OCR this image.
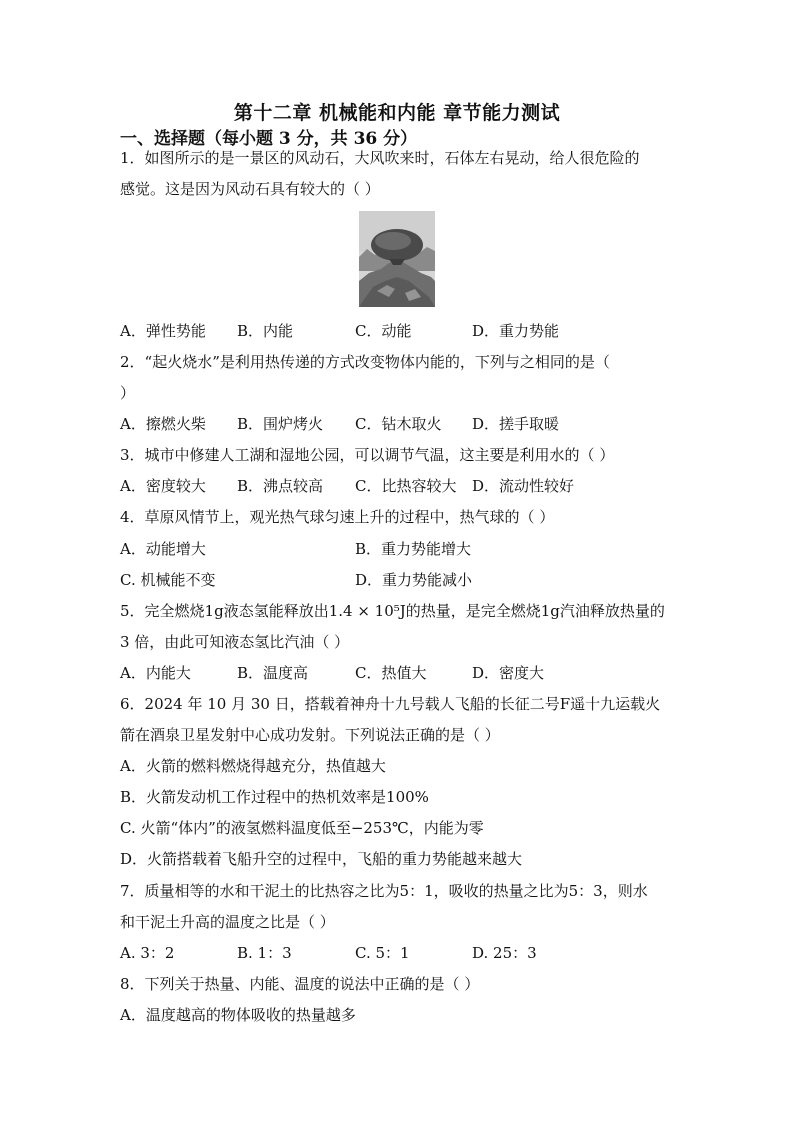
第十二章 机械能和内能 章节能力测试
一、选择题（每小题 3 分，共 36 分）
1．如图所示的是一景区的风动石，大风吹来时，石体左右晃动，给人很危险的
感觉。这是因为风动石具有较大的（ ）
A．弹性势能 B．内能	C．动能	D．重力势能
2．“起火烧水”是利用热传递的方式改变物体内能的，下列与之相同的是（
）
A．擦燃火柴 B．围炉烤火 C．钻木取火 D．搓手取暖
3．城市中修建人工湖和湿地公园，可以调节气温，这主要是利用水的（ ）
A．密度较大 B．沸点较高 C．比热容较大 D．流动性较好
4．草原风情节上，观光热气球匀速上升的过程中，热气球的（ ）
A．动能增大	B．重力势能增大
C. 机械能不变	D．重力势能减小
5．完全燃烧1g液态氢能释放出1.4 × 10⁵J的热量，是完全燃烧1g汽油释放热量的
3 倍，由此可知液态氢比汽油（ ）
A．内能大	B．温度高	C．热值大	D．密度大
6．2024 年 10 月 30 日，搭载着神舟十九号载人飞船的长征二号F遥十九运载火
箭在酒泉卫星发射中心成功发射。下列说法正确的是（ ）
A．火箭的燃料燃烧得越充分，热值越大
B．火箭发动机工作过程中的热机效率是100%
C. 火箭“体内”的液氢燃料温度低至−253℃，内能为零
D．火箭搭载着飞船升空的过程中，飞船的重力势能越来越大
7．质量相等的水和干泥土的比热容之比为5：1，吸收的热量之比为5：3，则水
和干泥土升高的温度之比是（ ）
A. 3：2	B. 1：3	C. 5：1	D. 25：3
8．下列关于热量、内能、温度的说法中正确的是（ ）
A．温度越高的物体吸收的热量越多
